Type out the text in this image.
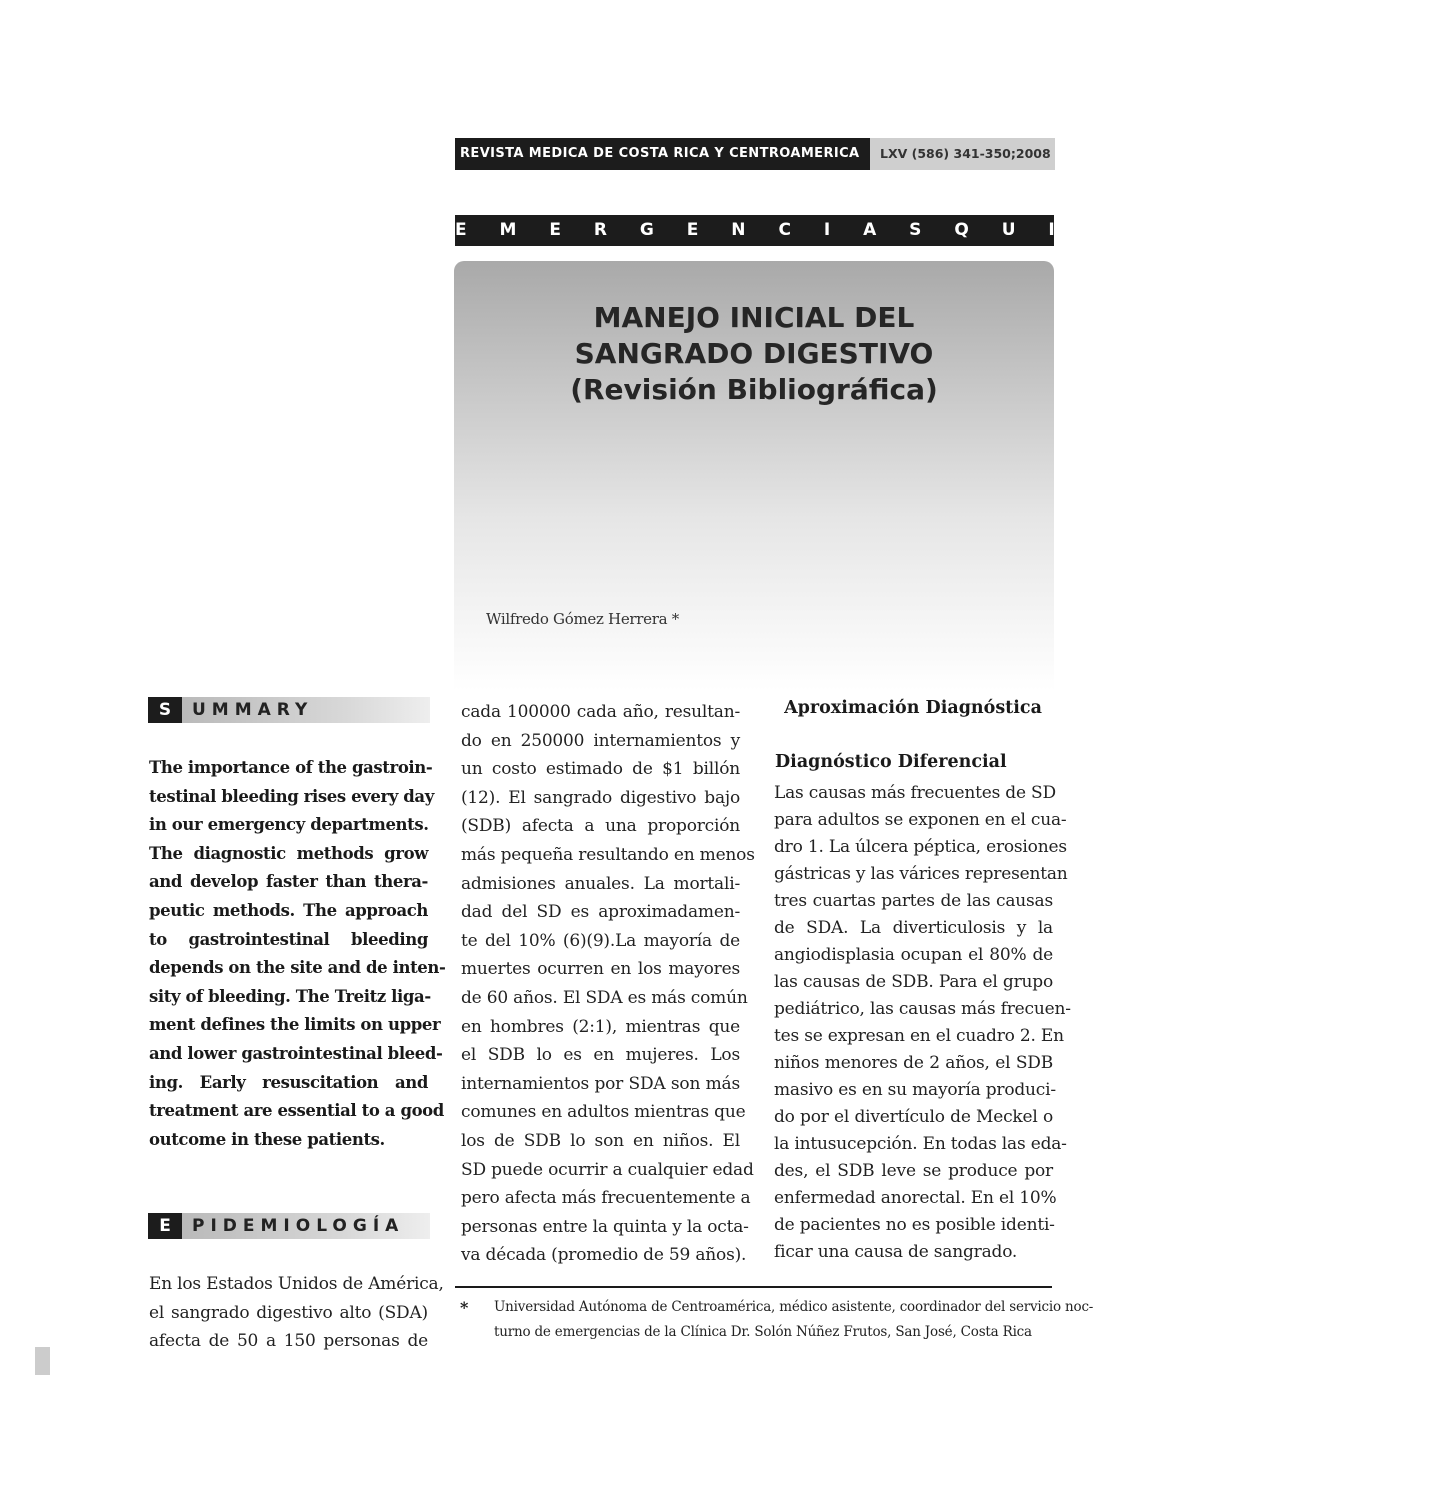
REVISTA MEDICA DE COSTA RICA Y CENTROAMERICA	LXV (586) 341-350;2008
E M E R G E N C I A S Q U I R U R G I C A S
MANEJO INICIAL DEL
SANGRADO DIGESTIVO
(Revisión Bibliográfica)
Wilfredo Gómez Herrera *
S	UMMARY
The importance of the gastroin-
testinal bleeding rises every day
in our emergency departments.
The diagnostic methods grow
and develop faster than thera-
peutic methods. The approach
to gastrointestinal bleeding
depends on the site and de inten-
sity of bleeding. The Treitz liga-
ment defines the limits on upper
and lower gastrointestinal bleed-
ing. Early resuscitation and
treatment are essential to a good
outcome in these patients.
E	PIDEMIOLOGÍA
En los Estados Unidos de América,
el sangrado digestivo alto (SDA)
afecta de 50 a 150 personas de
cada 100000 cada año, resultan-
do en 250000 internamientos y
un costo estimado de $1 billón
(12). El sangrado digestivo bajo
(SDB) afecta a una proporción
más pequeña resultando en menos
admisiones anuales. La mortali-
dad del SD es aproximadamen-
te del 10% (6)(9).La mayoría de
muertes ocurren en los mayores
de 60 años. El SDA es más común
en hombres (2:1), mientras que
el SDB lo es en mujeres. Los
internamientos por SDA son más
comunes en adultos mientras que
los de SDB lo son en niños. El
SD puede ocurrir a cualquier edad
pero afecta más frecuentemente a
personas entre la quinta y la octa-
va década (promedio de 59 años).
Aproximación Diagnóstica
Diagnóstico Diferencial
Las causas más frecuentes de SD
para adultos se exponen en el cua-
dro 1. La úlcera péptica, erosiones
gástricas y las várices representan
tres cuartas partes de las causas
de SDA. La diverticulosis y la
angiodisplasia ocupan el 80% de
las causas de SDB. Para el grupo
pediátrico, las causas más frecuen-
tes se expresan en el cuadro 2. En
niños menores de 2 años, el SDB
masivo es en su mayoría produci-
do por el divertículo de Meckel o
la intusucepción. En todas las eda-
des, el SDB leve se produce por
enfermedad anorectal. En el 10%
de pacientes no es posible identi-
ficar una causa de sangrado.
* Universidad Autónoma de Centroamérica, médico asistente, coordinador del servicio noc-
turno de emergencias de la Clínica Dr. Solón Núñez Frutos, San José, Costa Rica
